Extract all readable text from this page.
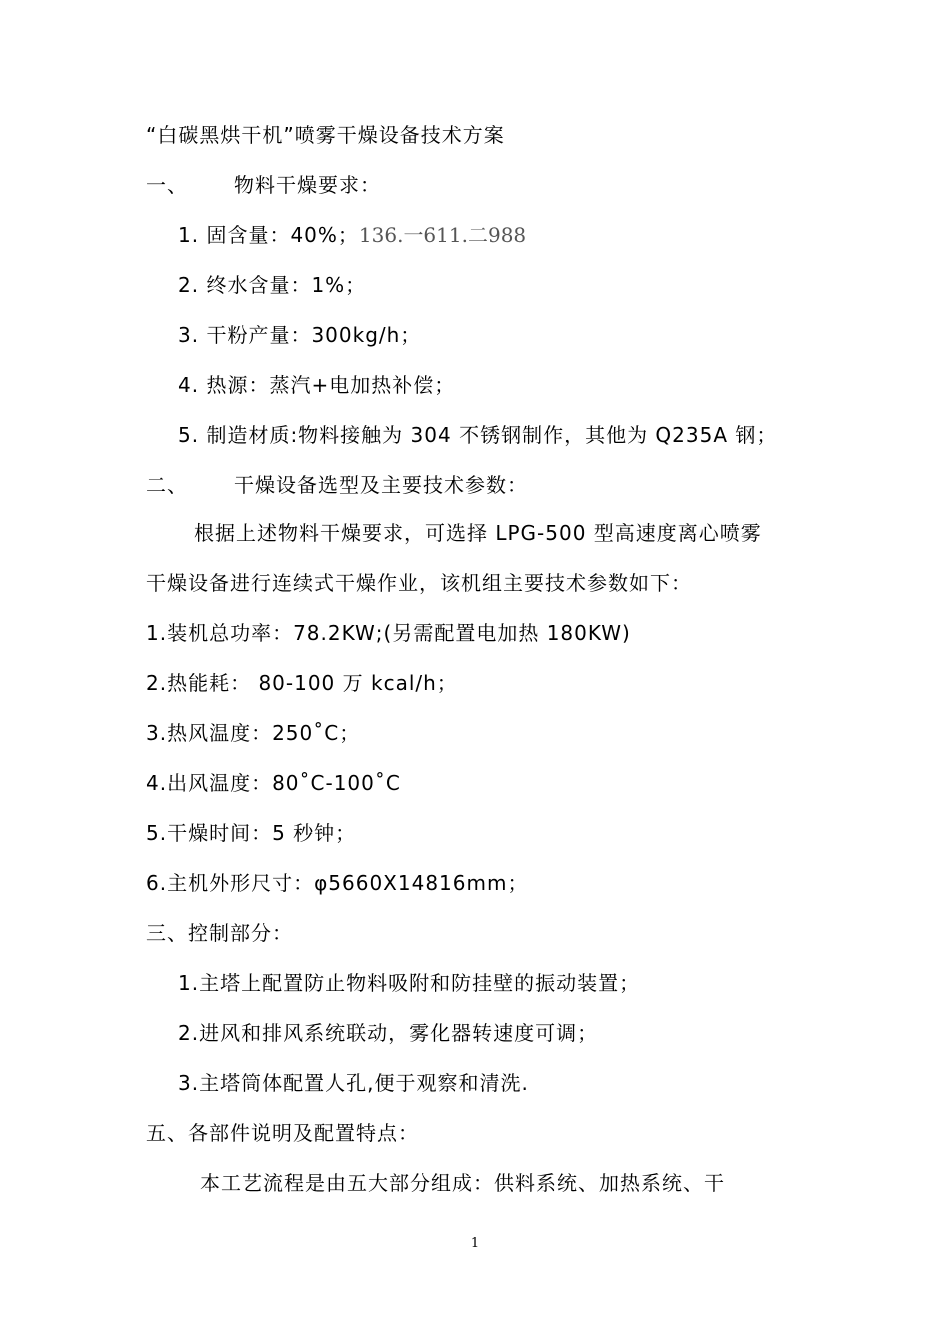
“白碳黑烘干机”喷雾干燥设备技术方案
一、 物料干燥要求：
1. 固含量：40%；136.一611.二988
2. 终水含量：1%；
3. 干粉产量：300kg/h；
4. 热源：蒸汽+电加热补偿；
5. 制造材质:物料接触为 304 不锈钢制作，其他为 Q235A 钢；
二、 干燥设备选型及主要技术参数：
根据上述物料干燥要求，可选择 LPG-500 型高速度离心喷雾
干燥设备进行连续式干燥作业，该机组主要技术参数如下：
1.装机总功率：78.2KW;(另需配置电加热 180KW)
2.热能耗： 80-100 万 kcal/h；
3.热风温度：250˚C；
4.出风温度：80˚C-100˚C
5.干燥时间：5 秒钟；
6.主机外形尺寸：φ5660X14816mm；
三、控制部分：
1.主塔上配置防止物料吸附和防挂壁的振动装置；
2.进风和排风系统联动，雾化器转速度可调；
3.主塔筒体配置人孔,便于观察和清洗.
五、各部件说明及配置特点：
本工艺流程是由五大部分组成：供料系统、加热系统、干
1
